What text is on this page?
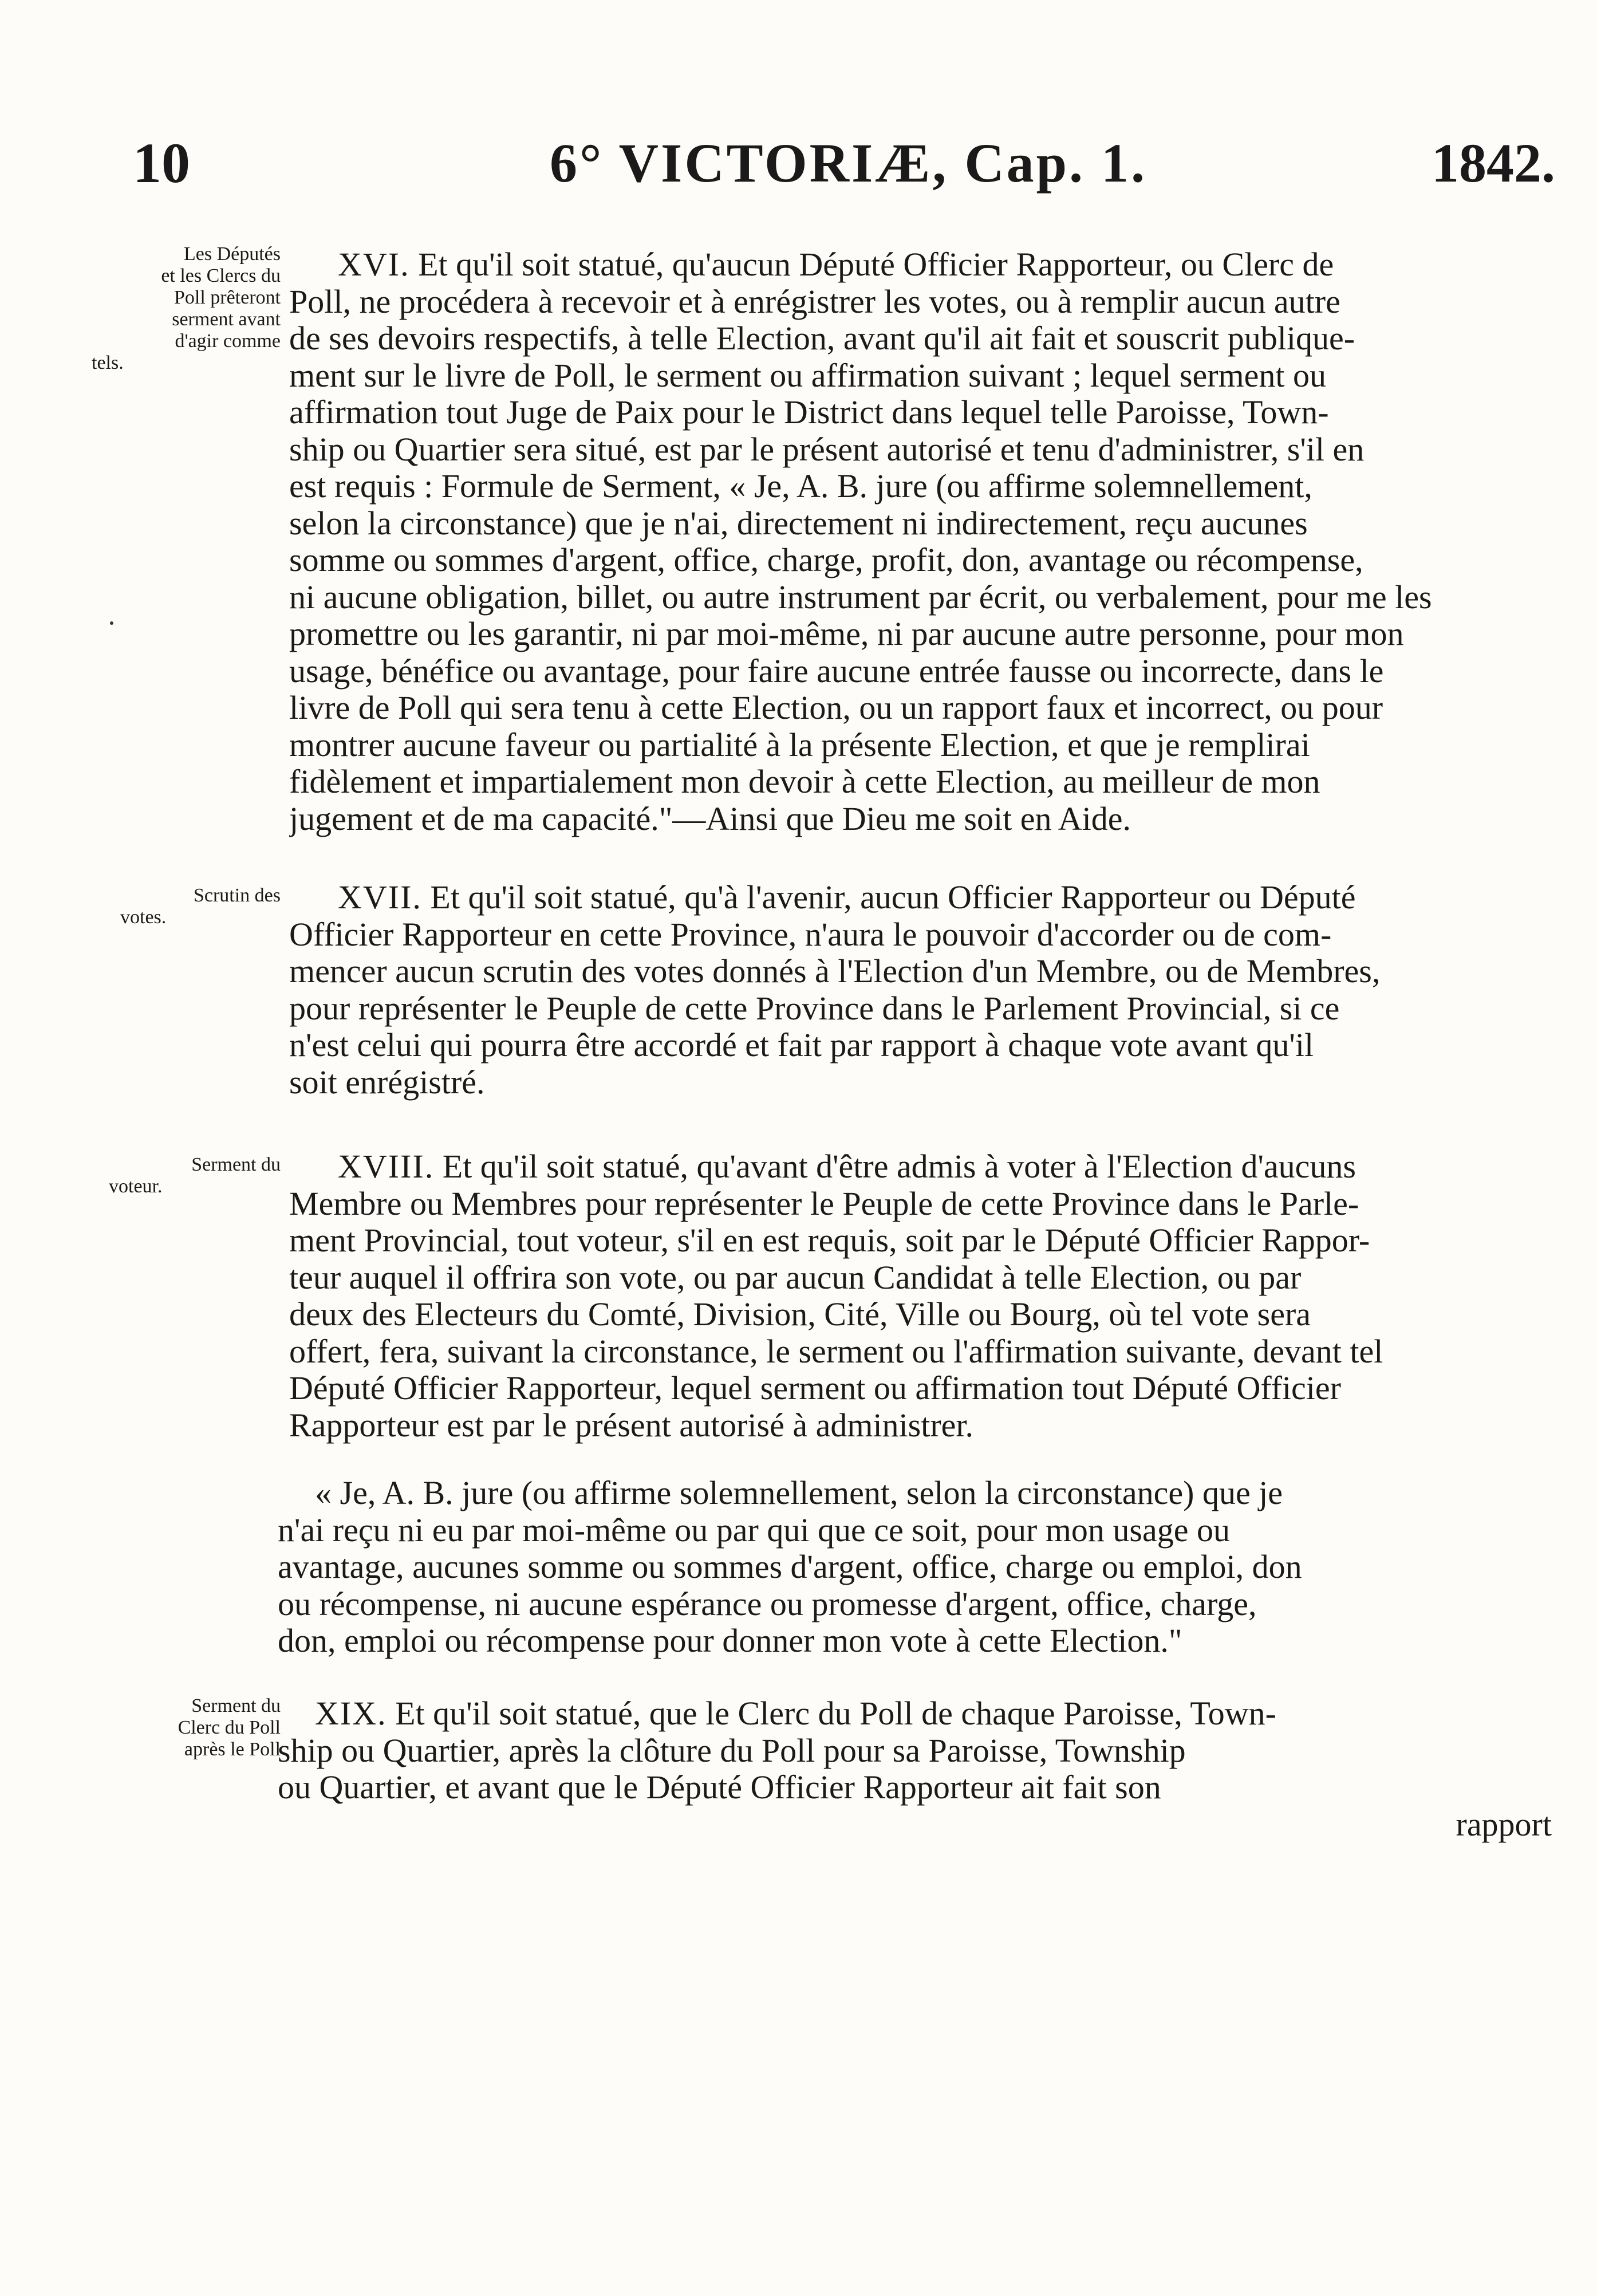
10	6° VICTORIÆ, Cap. 1.	1842.
Les Députés
et les Clercs du
Poll prêteront
serment avant
d'agir comme
tels.
XVI. Et qu'il soit statué, qu'aucun Député Officier Rapporteur, ou Clerc de
Poll, ne procédera à recevoir et à enrégistrer les votes, ou à remplir aucun autre
de ses devoirs respectifs, à telle Election, avant qu'il ait fait et souscrit publique-
ment sur le livre de Poll, le serment ou affirmation suivant ; lequel serment ou
affirmation tout Juge de Paix pour le District dans lequel telle Paroisse, Town-
ship ou Quartier sera situé, est par le présent autorisé et tenu d'administrer, s'il en
est requis : Formule de Serment, « Je, A. B. jure (ou affirme solemnellement,
selon la circonstance) que je n'ai, directement ni indirectement, reçu aucunes
somme ou sommes d'argent, office, charge, profit, don, avantage ou récompense,
ni aucune obligation, billet, ou autre instrument par écrit, ou verbalement, pour me les
promettre ou les garantir, ni par moi-même, ni par aucune autre personne, pour mon
usage, bénéfice ou avantage, pour faire aucune entrée fausse ou incorrecte, dans le
livre de Poll qui sera tenu à cette Election, ou un rapport faux et incorrect, ou pour
montrer aucune faveur ou partialité à la présente Election, et que je remplirai
fidèlement et impartialement mon devoir à cette Election, au meilleur de mon
jugement et de ma capacité."—Ainsi que Dieu me soit en Aide.
Scrutin des
votes.
XVII. Et qu'il soit statué, qu'à l'avenir, aucun Officier Rapporteur ou Député
Officier Rapporteur en cette Province, n'aura le pouvoir d'accorder ou de com-
mencer aucun scrutin des votes donnés à l'Election d'un Membre, ou de Membres,
pour représenter le Peuple de cette Province dans le Parlement Provincial, si ce
n'est celui qui pourra être accordé et fait par rapport à chaque vote avant qu'il
soit enrégistré.
Serment du
voteur.
XVIII. Et qu'il soit statué, qu'avant d'être admis à voter à l'Election d'aucuns
Membre ou Membres pour représenter le Peuple de cette Province dans le Parle-
ment Provincial, tout voteur, s'il en est requis, soit par le Député Officier Rappor-
teur auquel il offrira son vote, ou par aucun Candidat à telle Election, ou par
deux des Electeurs du Comté, Division, Cité, Ville ou Bourg, où tel vote sera
offert, fera, suivant la circonstance, le serment ou l'affirmation suivante, devant tel
Député Officier Rapporteur, lequel serment ou affirmation tout Député Officier
Rapporteur est par le présent autorisé à administrer.
« Je, A. B. jure (ou affirme solemnellement, selon la circonstance) que je
n'ai reçu ni eu par moi-même ou par qui que ce soit, pour mon usage ou
avantage, aucunes somme ou sommes d'argent, office, charge ou emploi, don
ou récompense, ni aucune espérance ou promesse d'argent, office, charge,
don, emploi ou récompense pour donner mon vote à cette Election."
Serment du
Clerc du Poll
après le Poll
XIX. Et qu'il soit statué, que le Clerc du Poll de chaque Paroisse, Town-
ship ou Quartier, après la clôture du Poll pour sa Paroisse, Township
ou Quartier, et avant que le Député Officier Rapporteur ait fait son
rapport
